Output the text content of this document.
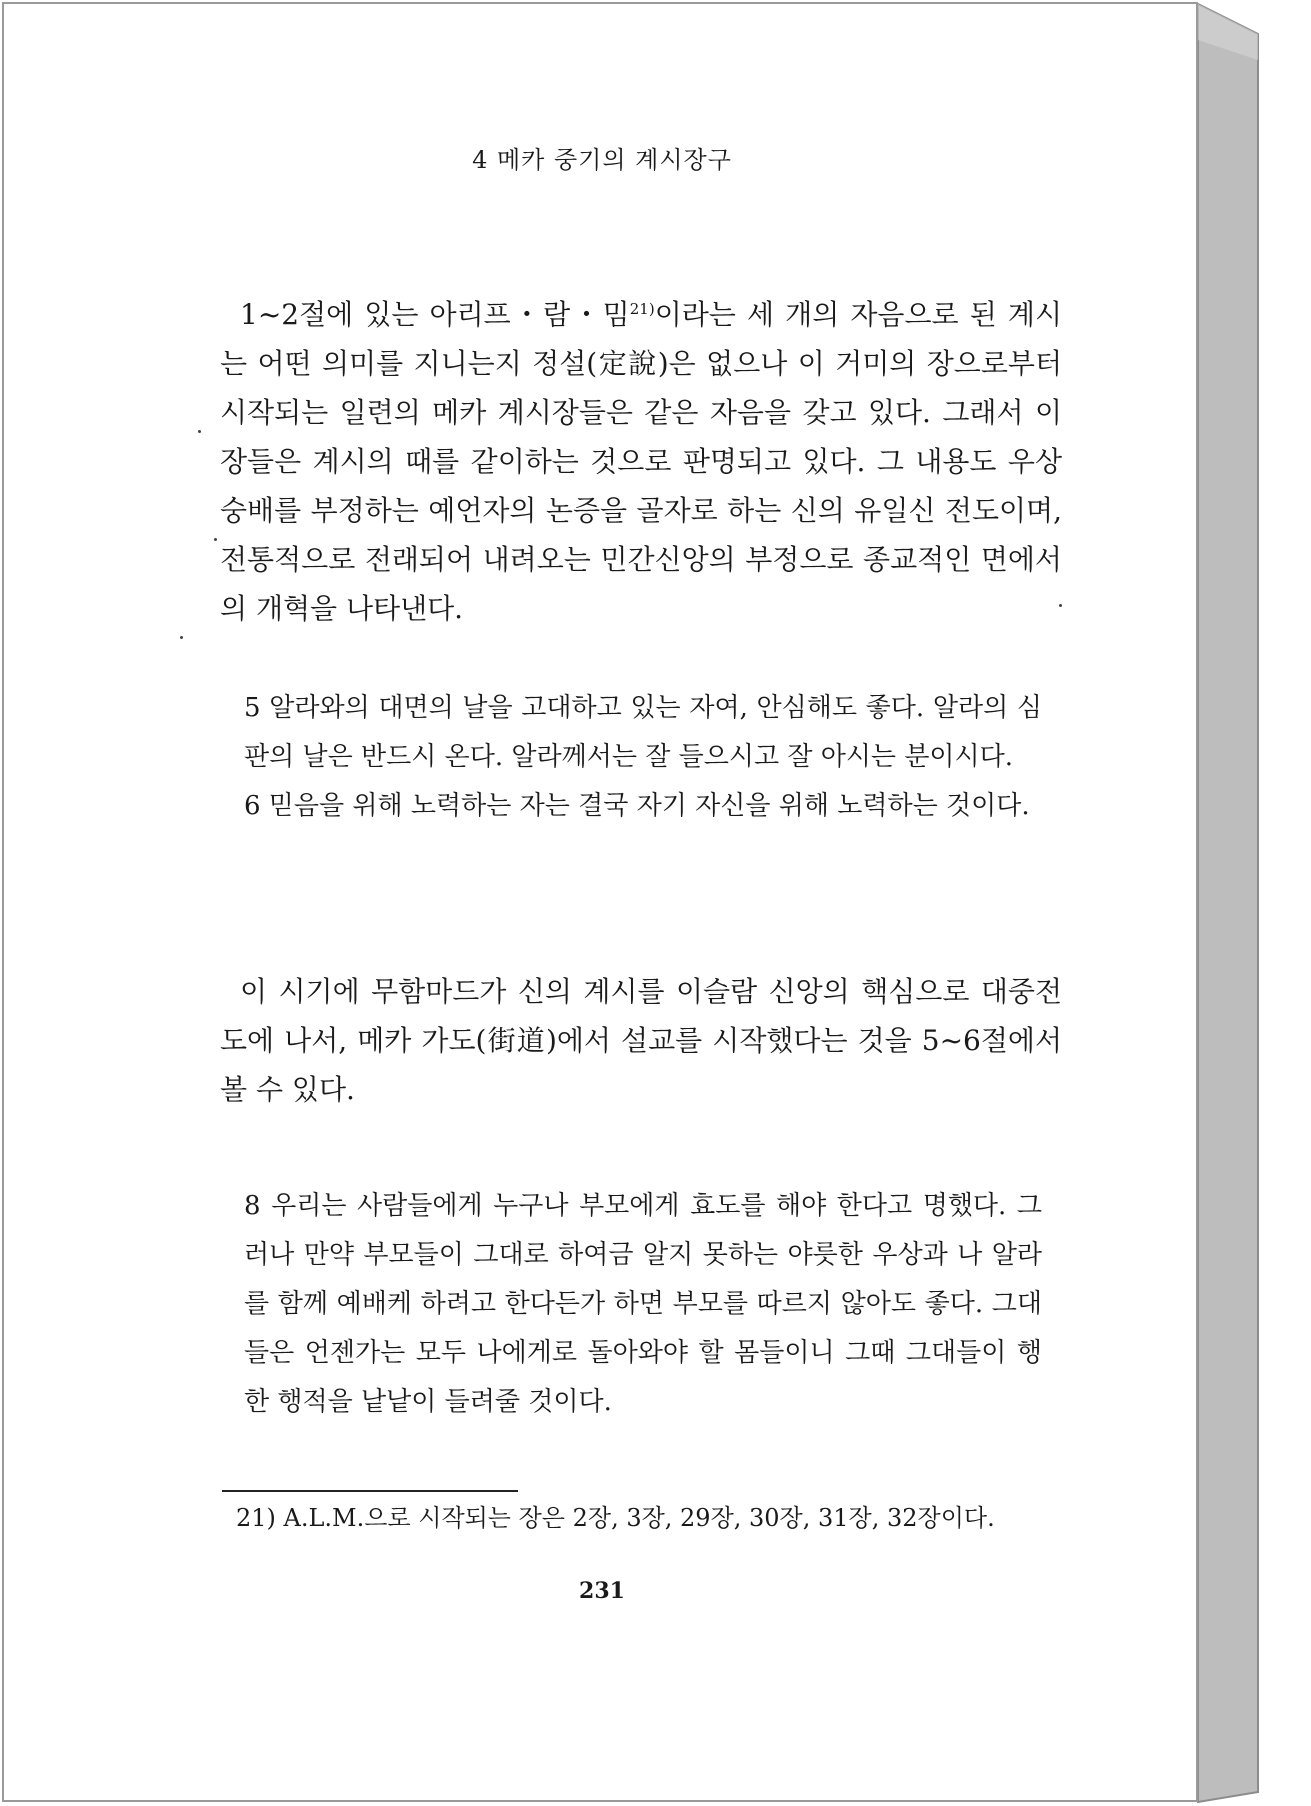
4 메카 중기의 계시장구

1~2절에 있는 아리프・람・밈$^{21)}$이라는 세 개의 자음으로 된 계시는 어떤 의미를 지니는지 정설(定說)은 없으나 이 거미의 장으로부터 시작되는 일련의 메카 계시장들은 같은 자음을 갖고 있다. 그래서 이 장들은 계시의 때를 같이하는 것으로 판명되고 있다. 그 내용도 우상숭배를 부정하는 예언자의 논증을 골자로 하는 신의 유일신 전도이며, 전통적으로 전래되어 내려오는 민간신앙의 부정으로 종교적인 면에서의 개혁을 나타낸다.

5 알라와의 대면의 날을 고대하고 있는 자여, 안심해도 좋다. 알라의 심판의 날은 반드시 온다. 알라께서는 잘 들으시고 잘 아시는 분이시다.

6 믿음을 위해 노력하는 자는 결국 자기 자신을 위해 노력하는 것이다.

이 시기에 무함마드가 신의 계시를 이슬람 신앙의 핵심으로 대중전도에 나서, 메카 가도(街道)에서 설교를 시작했다는 것을 5~6절에서 볼 수 있다.

8 우리는 사람들에게 누구나 부모에게 효도를 해야 한다고 명했다. 그러나 만약 부모들이 그대로 하여금 알지 못하는 야릇한 우상과 나 알라를 함께 예배케 하려고 한다든가 하면 부모를 따르지 않아도 좋다. 그대들은 언젠가는 모두 나에게로 돌아와야 할 몸들이니 그때 그대들이 행한 행적을 낱낱이 들려줄 것이다.

21) A.L.M.으로 시작되는 장은 2장, 3장, 29장, 30장, 31장, 32장이다.
231
